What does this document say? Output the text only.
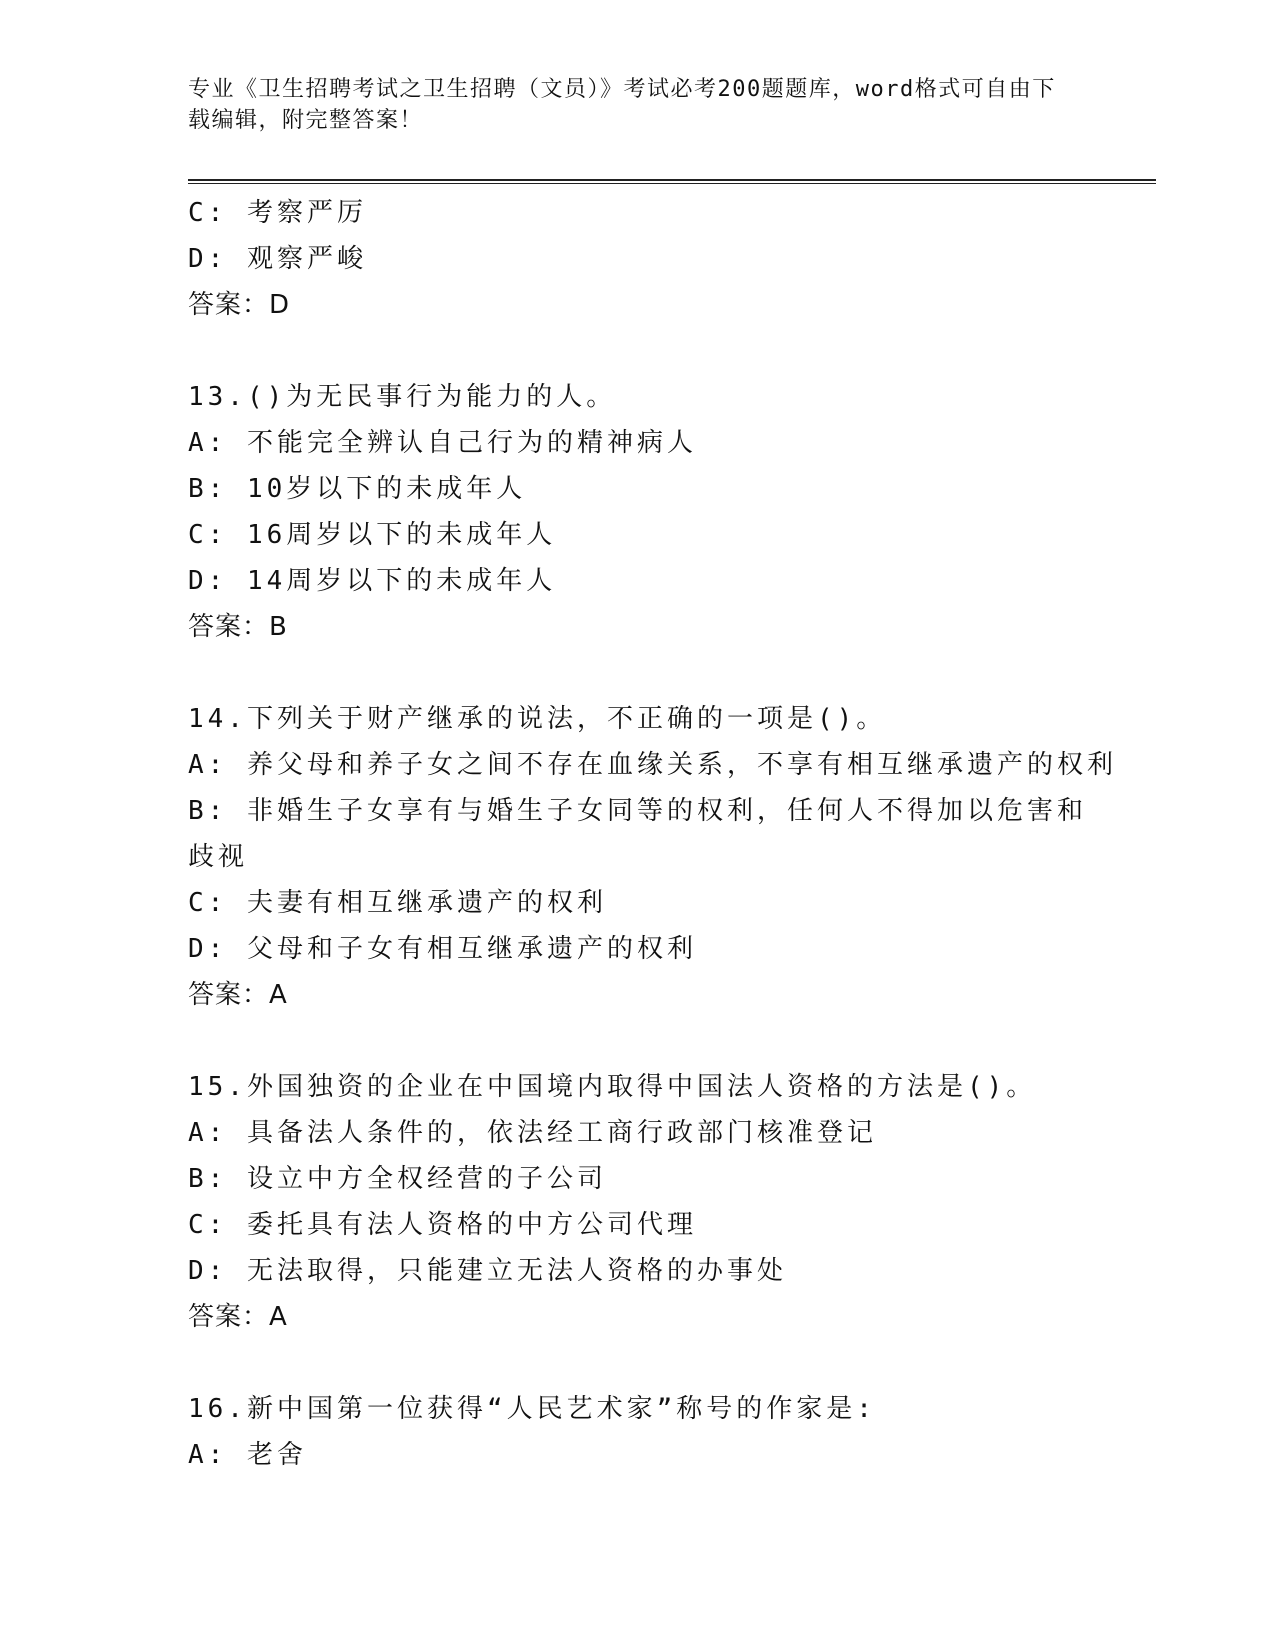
专业《卫生招聘考试之卫生招聘（文员）》考试必考200题题库，word格式可自由下载编辑，附完整答案！
C: 考察严厉
D: 观察严峻
答案：D
13.()为无民事行为能力的人。
A: 不能完全辨认自己行为的精神病人
B: 10岁以下的未成年人
C: 16周岁以下的未成年人
D: 14周岁以下的未成年人
答案：B
14.下列关于财产继承的说法，不正确的一项是()。
A: 养父母和养子女之间不存在血缘关系，不享有相互继承遗产的权利
B: 非婚生子女享有与婚生子女同等的权利，任何人不得加以危害和歧视
C: 夫妻有相互继承遗产的权利
D: 父母和子女有相互继承遗产的权利
答案：A
15.外国独资的企业在中国境内取得中国法人资格的方法是()。
A: 具备法人条件的，依法经工商行政部门核准登记
B: 设立中方全权经营的子公司
C: 委托具有法人资格的中方公司代理
D: 无法取得，只能建立无法人资格的办事处
答案：A
16.新中国第一位获得“人民艺术家”称号的作家是:
A: 老舍
